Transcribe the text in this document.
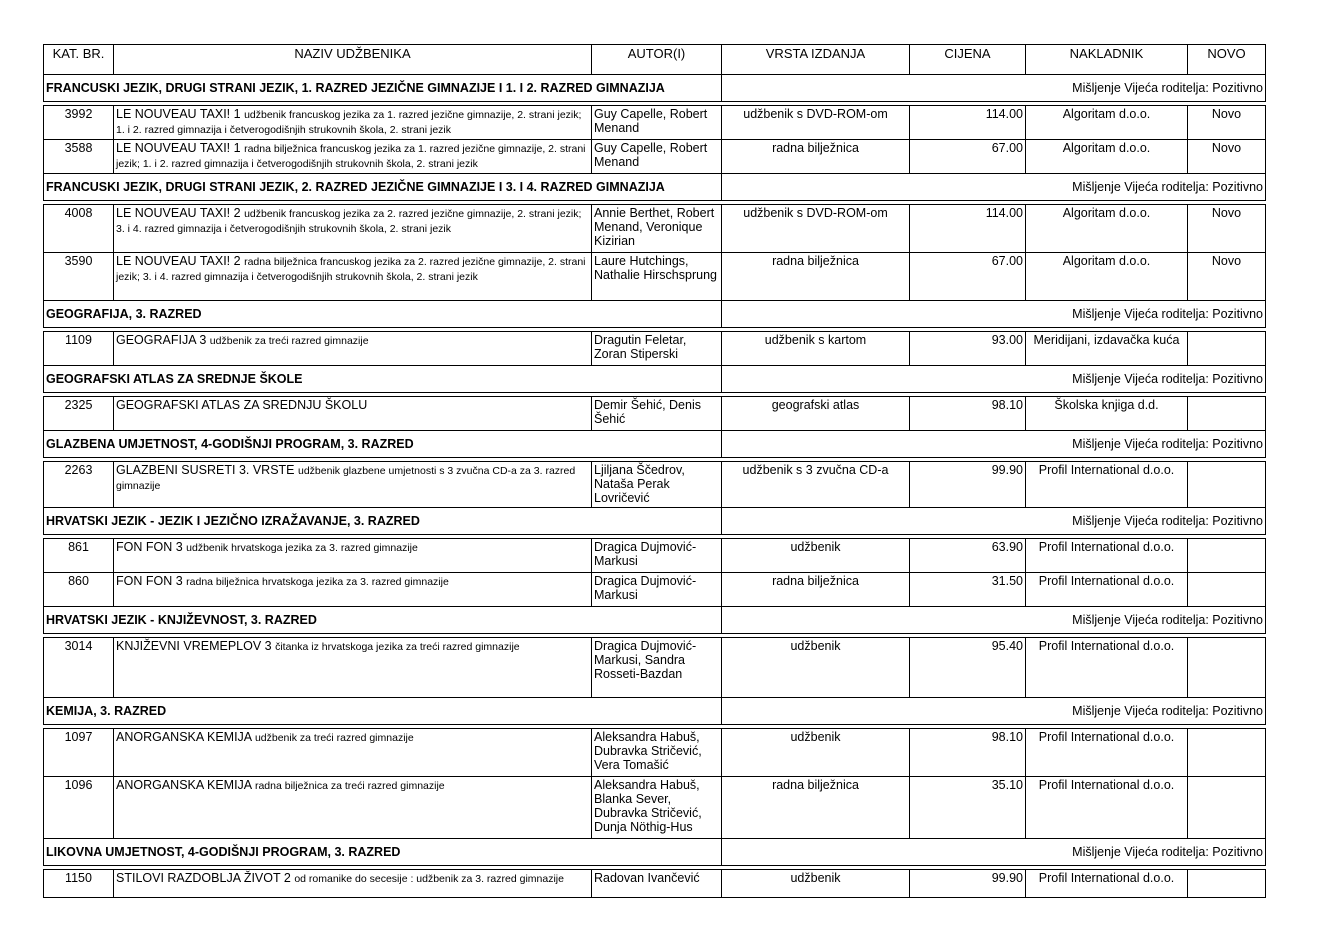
KAT. BR.	NAZIV UDŽBENIKA	AUTOR(I)	VRSTA IZDANJA	CIJENA	NAKLADNIK	NOVO
FRANCUSKI JEZIK, DRUGI STRANI JEZIK, 1. RAZRED JEZIČNE GIMNAZIJE I 1. I 2. RAZRED GIMNAZIJA			Mišljenje Vijeća roditelja: Pozitivno			

3992	LE NOUVEAU TAXI! 1 udžbenik francuskog jezika za 1. razred jezične gimnazije, 2. strani jezik; 1. i 2. razred gimnazija i četverogodišnjih strukovnih škola, 2. strani jezik	Guy Capelle, Robert Menand	udžbenik s DVD-ROM-om	114.00	Algoritam d.o.o.	Novo
3588	LE NOUVEAU TAXI! 1 radna bilježnica francuskog jezika za 1. razred jezične gimnazije, 2. strani jezik; 1. i 2. razred gimnazija i četverogodišnjih strukovnih škola, 2. strani jezik	Guy Capelle, Robert Menand	radna bilježnica	67.00	Algoritam d.o.o.	Novo
FRANCUSKI JEZIK, DRUGI STRANI JEZIK, 2. RAZRED JEZIČNE GIMNAZIJE I 3. I 4. RAZRED GIMNAZIJA			Mišljenje Vijeća roditelja: Pozitivno			

4008	LE NOUVEAU TAXI! 2 udžbenik francuskog jezika za 2. razred jezične gimnazije, 2. strani jezik; 3. i 4. razred gimnazija i četverogodišnjih strukovnih škola, 2. strani jezik	Annie Berthet, Robert Menand, Veronique Kizirian	udžbenik s DVD-ROM-om	114.00	Algoritam d.o.o.	Novo
3590	LE NOUVEAU TAXI! 2 radna bilježnica francuskog jezika za 2. razred jezične gimnazije, 2. strani jezik; 3. i 4. razred gimnazija i četverogodišnjih strukovnih škola, 2. strani jezik	Laure Hutchings, Nathalie Hirschsprung	radna bilježnica	67.00	Algoritam d.o.o.	Novo
GEOGRAFIJA, 3. RAZRED			Mišljenje Vijeća roditelja: Pozitivno			

1109	GEOGRAFIJA 3 udžbenik za treći razred gimnazije	Dragutin Feletar, Zoran Stiperski	udžbenik s kartom	93.00	Meridijani, izdavačka kuća	
GEOGRAFSKI ATLAS ZA SREDNJE ŠKOLE			Mišljenje Vijeća roditelja: Pozitivno			

2325	GEOGRAFSKI ATLAS ZA SREDNJU ŠKOLU	Demir Šehić, Denis Šehić	geografski atlas	98.10	Školska knjiga d.d.	
GLAZBENA UMJETNOST, 4-GODIŠNJI PROGRAM, 3. RAZRED			Mišljenje Vijeća roditelja: Pozitivno			

2263	GLAZBENI SUSRETI 3. VRSTE udžbenik glazbene umjetnosti s 3 zvučna CD-a za 3. razred gimnazije	Ljiljana Ščedrov, Nataša Perak Lovričević	udžbenik s 3 zvučna CD-a	99.90	Profil International d.o.o.	
HRVATSKI JEZIK - JEZIK I JEZIČNO IZRAŽAVANJE, 3. RAZRED			Mišljenje Vijeća roditelja: Pozitivno			

861	FON FON 3 udžbenik hrvatskoga jezika za 3. razred gimnazije	Dragica Dujmović-Markusi	udžbenik	63.90	Profil International d.o.o.	
860	FON FON 3 radna bilježnica hrvatskoga jezika za 3. razred gimnazije	Dragica Dujmović-Markusi	radna bilježnica	31.50	Profil International d.o.o.	
HRVATSKI JEZIK - KNJIŽEVNOST, 3. RAZRED			Mišljenje Vijeća roditelja: Pozitivno			

3014	KNJIŽEVNI VREMEPLOV 3 čitanka iz hrvatskoga jezika za treći razred gimnazije	Dragica Dujmović-Markusi, Sandra Rosseti-Bazdan	udžbenik	95.40	Profil International d.o.o.	
KEMIJA, 3. RAZRED			Mišljenje Vijeća roditelja: Pozitivno			

1097	ANORGANSKA KEMIJA udžbenik za treći razred gimnazije	Aleksandra Habuš, Dubravka Stričević, Vera Tomašić	udžbenik	98.10	Profil International d.o.o.	
1096	ANORGANSKA KEMIJA radna bilježnica za treći razred gimnazije	Aleksandra Habuš, Blanka Sever, Dubravka Stričević, Dunja Nöthig-Hus	radna bilježnica	35.10	Profil International d.o.o.	
LIKOVNA UMJETNOST, 4-GODIŠNJI PROGRAM, 3. RAZRED			Mišljenje Vijeća roditelja: Pozitivno			

1150	STILOVI RAZDOBLJA ŽIVOT 2 od romanike do secesije : udžbenik za 3. razred gimnazije	Radovan Ivančević	udžbenik	99.90	Profil International d.o.o.	
